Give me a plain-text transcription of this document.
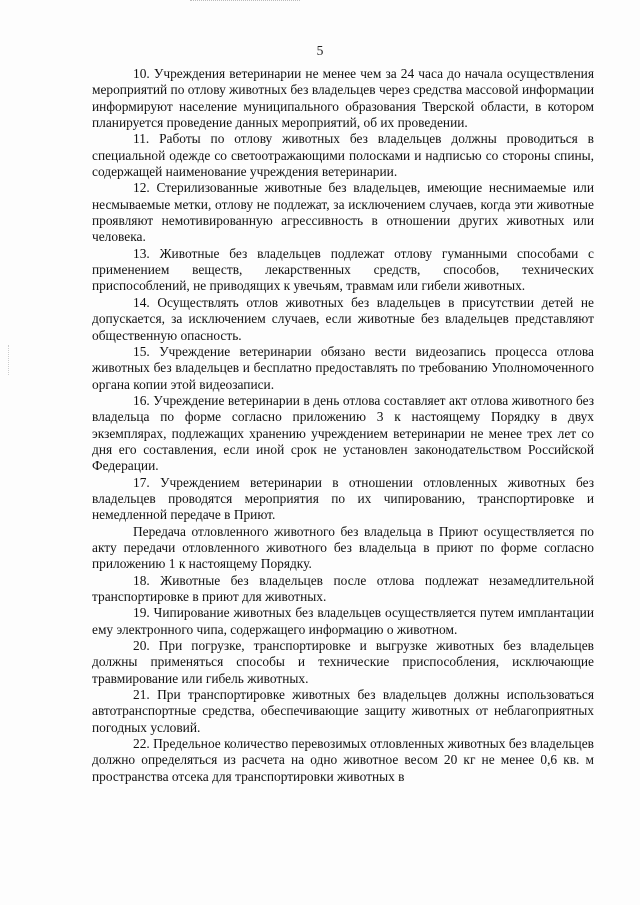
5

10. Учреждения ветеринарии не менее чем за 24 часа до начала осуществления мероприятий по отлову животных без владельцев через средства массовой информации информируют население муниципального образования Тверской области, в котором планируется проведение данных мероприятий, об их проведении.

11. Работы по отлову животных без владельцев должны проводиться в специальной одежде со светоотражающими полосками и надписью со стороны спины, содержащей наименование учреждения ветеринарии.

12. Стерилизованные животные без владельцев, имеющие неснимаемые или несмываемые метки, отлову не подлежат, за исключением случаев, когда эти животные проявляют немотивированную агрессивность в отношении других животных или человека.

13. Животные без владельцев подлежат отлову гуманными способами с применением веществ, лекарственных средств, способов, технических приспособлений, не приводящих к увечьям, травмам или гибели животных.

14. Осуществлять отлов животных без владельцев в присутствии детей не допускается, за исключением случаев, если животные без владельцев представляют общественную опасность.

15. Учреждение ветеринарии обязано вести видеозапись процесса отлова животных без владельцев и бесплатно предоставлять по требованию Уполномоченного органа копии этой видеозаписи.

16. Учреждение ветеринарии в день отлова составляет акт отлова животного без владельца по форме согласно приложению 3 к настоящему Порядку в двух экземплярах, подлежащих хранению учреждением ветеринарии не менее трех лет со дня его составления, если иной срок не установлен законодательством Российской Федерации.

17. Учреждением ветеринарии в отношении отловленных животных без владельцев проводятся мероприятия по их чипированию, транспортировке и немедленной передаче в Приют.

Передача отловленного животного без владельца в Приют осуществляется по акту передачи отловленного животного без владельца в приют по форме согласно приложению 1 к настоящему Порядку.

18. Животные без владельцев после отлова подлежат незамедлительной транспортировке в приют для животных.

19. Чипирование животных без владельцев осуществляется путем имплантации ему электронного чипа, содержащего информацию о животном.

20. При погрузке, транспортировке и выгрузке животных без владельцев должны применяться способы и технические приспособления, исключающие травмирование или гибель животных.

21. При транспортировке животных без владельцев должны использоваться автотранспортные средства, обеспечивающие защиту животных от неблагоприятных погодных условий.

22. Предельное количество перевозимых отловленных животных без владельцев должно определяться из расчета на одно животное весом 20 кг не менее 0,6 кв. м пространства отсека для транспортировки животных в
